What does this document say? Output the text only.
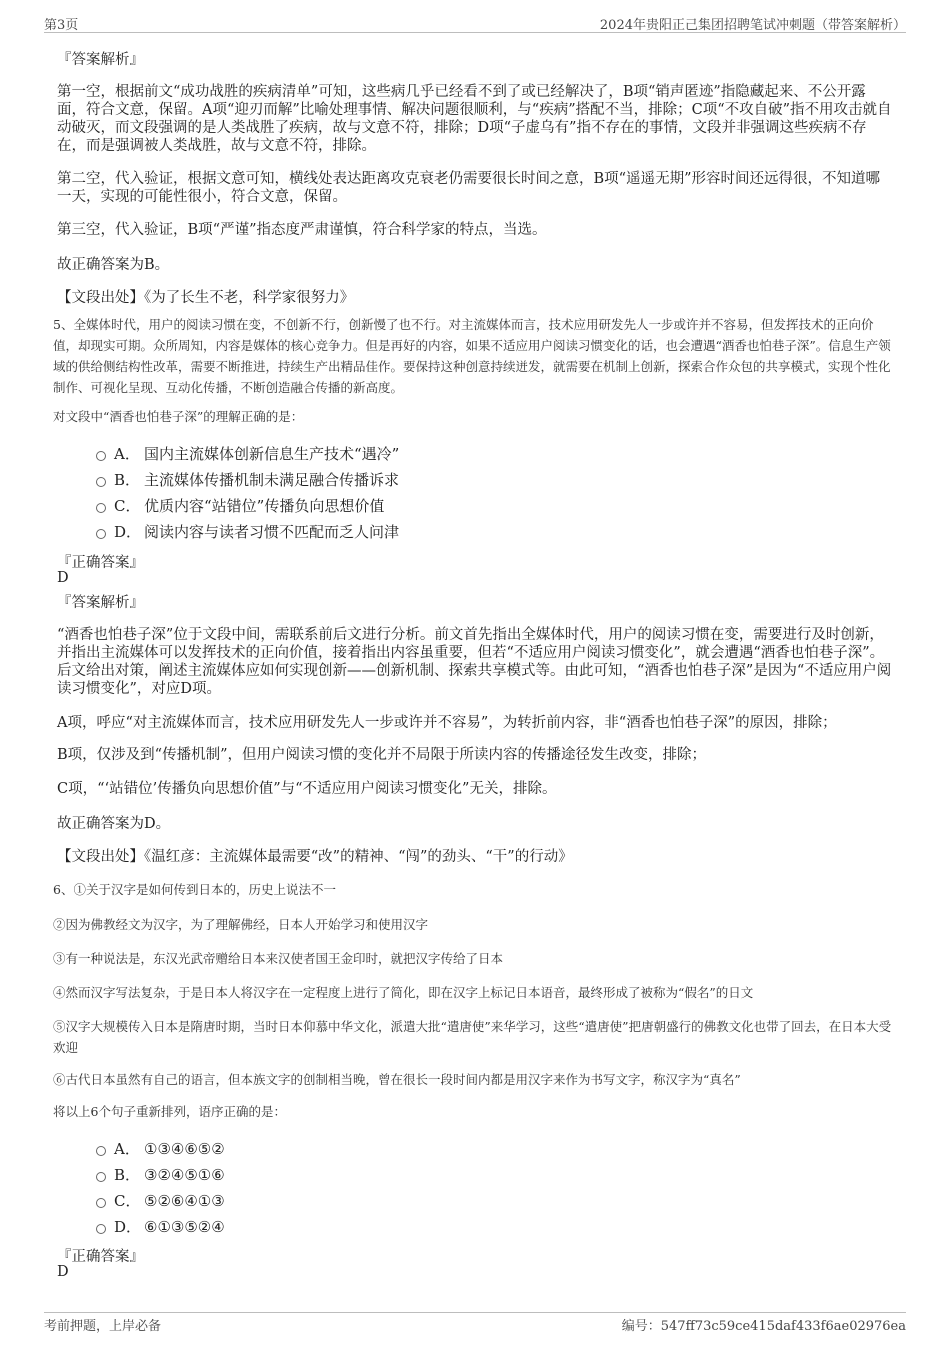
第3页	2024年贵阳正己集团招聘笔试冲刺题（带答案解析）
『答案解析』
第一空，根据前文“成功战胜的疾病清单”可知，这些病几乎已经看不到了或已经解决了，B项“销声匿迹”指隐藏起来、不公开露面，符合文意，保留。A项“迎刃而解”比喻处理事情、解决问题很顺利，与“疾病”搭配不当，排除；C项“不攻自破”指不用攻击就自动破灭，而文段强调的是人类战胜了疾病，故与文意不符，排除；D项“子虚乌有”指不存在的事情，文段并非强调这些疾病不存在，而是强调被人类战胜，故与文意不符，排除。
第二空，代入验证，根据文意可知，横线处表达距离攻克衰老仍需要很长时间之意，B项“遥遥无期”形容时间还远得很，不知道哪一天，实现的可能性很小，符合文意，保留。
第三空，代入验证，B项“严谨”指态度严肃谨慎，符合科学家的特点，当选。
故正确答案为B。
【文段出处】《为了长生不老，科学家很努力》
5、全媒体时代，用户的阅读习惯在变，不创新不行，创新慢了也不行。对主流媒体而言，技术应用研发先人一步或许并不容易，但发挥技术的正向价值，却现实可期。众所周知，内容是媒体的核心竞争力。但是再好的内容，如果不适应用户阅读习惯变化的话，也会遭遇“酒香也怕巷子深”。信息生产领域的供给侧结构性改革，需要不断推进，持续生产出精品佳作。要保持这种创意持续迸发，就需要在机制上创新，探索合作众包的共享模式，实现个性化制作、可视化呈现、互动化传播，不断创造融合传播的新高度。
对文段中“酒香也怕巷子深”的理解正确的是：
A． 国内主流媒体创新信息生产技术“遇冷”
B． 主流媒体传播机制未满足融合传播诉求
C． 优质内容“站错位”传播负向思想价值
D． 阅读内容与读者习惯不匹配而乏人问津
『正确答案』
D
『答案解析』
“酒香也怕巷子深”位于文段中间，需联系前后文进行分析。前文首先指出全媒体时代，用户的阅读习惯在变，需要进行及时创新，并指出主流媒体可以发挥技术的正向价值，接着指出内容虽重要，但若“不适应用户阅读习惯变化”，就会遭遇“酒香也怕巷子深”。后文给出对策，阐述主流媒体应如何实现创新——创新机制、探索共享模式等。由此可知，“酒香也怕巷子深”是因为“不适应用户阅读习惯变化”，对应D项。
A项，呼应“对主流媒体而言，技术应用研发先人一步或许并不容易”，为转折前内容，非“酒香也怕巷子深”的原因，排除；
B项，仅涉及到“传播机制”，但用户阅读习惯的变化并不局限于所读内容的传播途径发生改变，排除；
C项，“‘站错位’传播负向思想价值”与“不适应用户阅读习惯变化”无关，排除。
故正确答案为D。
【文段出处】《温红彦：主流媒体最需要“改”的精神、“闯”的劲头、“干”的行动》
6、①关于汉字是如何传到日本的，历史上说法不一
②因为佛教经文为汉字，为了理解佛经，日本人开始学习和使用汉字
③有一种说法是，东汉光武帝赠给日本来汉使者国王金印时，就把汉字传给了日本
④然而汉字写法复杂，于是日本人将汉字在一定程度上进行了简化，即在汉字上标记日本语音，最终形成了被称为“假名”的日文
⑤汉字大规模传入日本是隋唐时期，当时日本仰慕中华文化，派遣大批“遣唐使”来华学习，这些“遣唐使”把唐朝盛行的佛教文化也带了回去，在日本大受欢迎
⑥古代日本虽然有自己的语言，但本族文字的创制相当晚，曾在很长一段时间内都是用汉字来作为书写文字，称汉字为“真名”
将以上6个句子重新排列，语序正确的是：
A． ①③④⑥⑤②
B． ③②④⑤①⑥
C． ⑤②⑥④①③
D． ⑥①③⑤②④
『正确答案』
D
考前押题，上岸必备	编号：547ff73c59ce415daf433f6ae02976ea
